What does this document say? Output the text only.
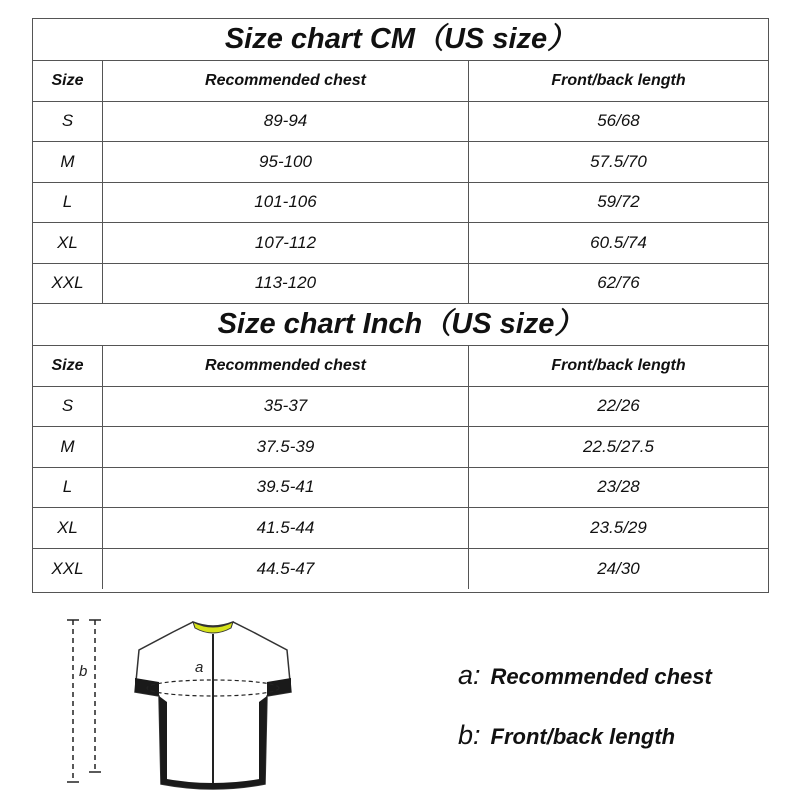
Size chart CM（US size）
Size	Recommended chest	Front/back length
S	89-94	56/68
M	95-100	57.5/70
L	101-106	59/72
XL	107-112	60.5/74
XXL	113-120	62/76
Size chart Inch（US size）
Size	Recommended chest	Front/back length
S	35-37	22/26
M	37.5-39	22.5/27.5
L	39.5-41	23/28
XL	41.5-44	23.5/29
XXL	44.5-47	24/30
b	a	a: Recommended chest
b: Front/back length
